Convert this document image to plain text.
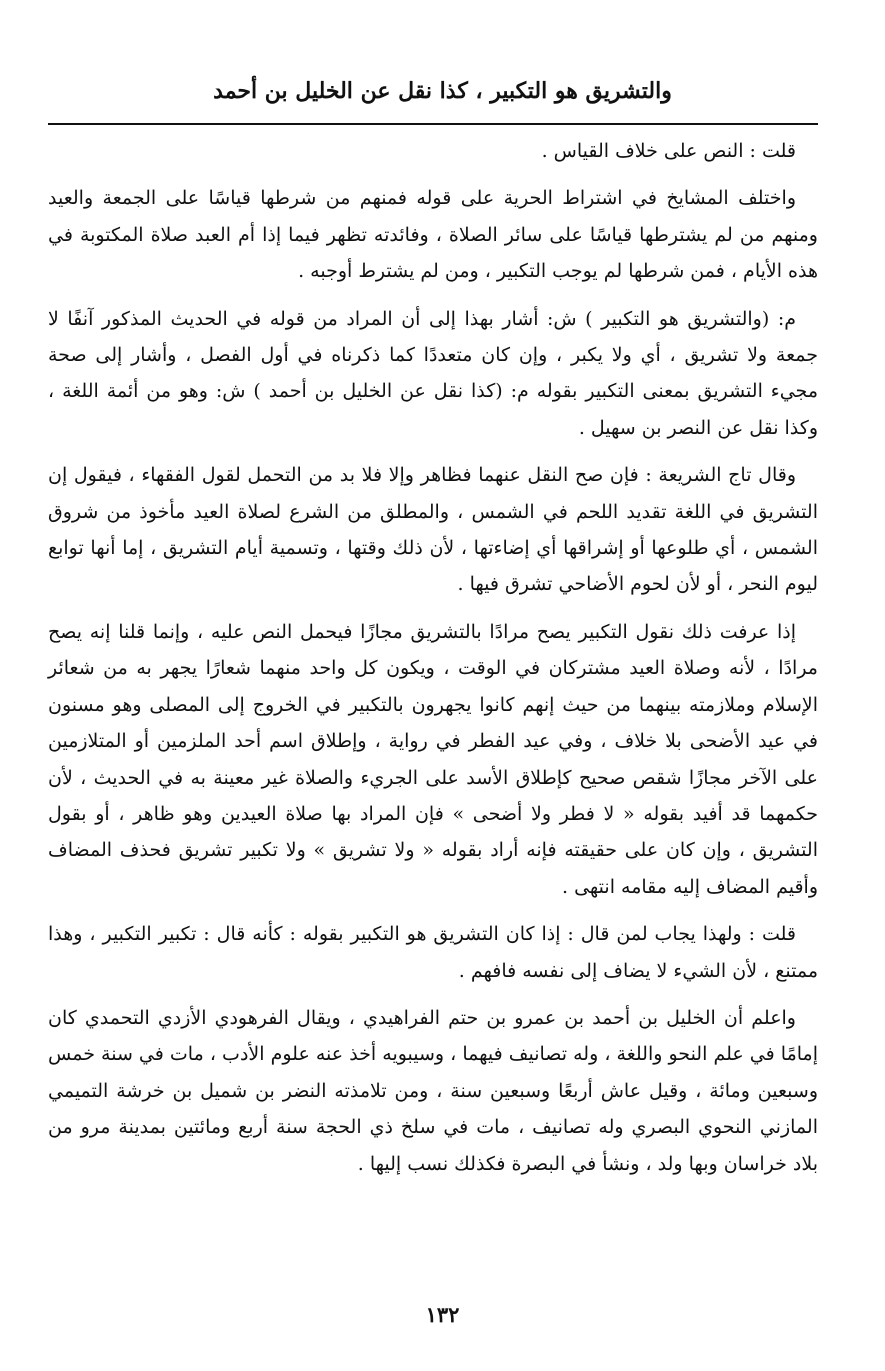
والتشريق هو التكبير ، كذا نقل عن الخليل بن أحمد

قلت : النص على خلاف القياس .

واختلف المشايخ في اشتراط الحرية على قوله فمنهم من شرطها قياسًا على الجمعة والعيد ومنهم من لم يشترطها قياسًا على سائر الصلاة ، وفائدته تظهر فيما إذا أم العبد صلاة المكتوبة في هذه الأيام ، فمن شرطها لم يوجب التكبير ، ومن لم يشترط أوجبه .

م: (والتشريق هو التكبير ) ش: أشار بهذا إلى أن المراد من قوله في الحديث المذكور آنفًا لا جمعة ولا تشريق ، أي ولا يكبر ، وإن كان متعددًا كما ذكرناه في أول الفصل ، وأشار إلى صحة مجيء التشريق بمعنى التكبير بقوله م: (كذا نقل عن الخليل بن أحمد ) ش: وهو من أئمة اللغة ، وكذا نقل عن النصر بن سهيل .

وقال تاج الشريعة : فإن صح النقل عنهما فظاهر وإلا فلا بد من التحمل لقول الفقهاء ، فيقول إن التشريق في اللغة تقديد اللحم في الشمس ، والمطلق من الشرع لصلاة العيد مأخوذ من شروق الشمس ، أي طلوعها أو إشراقها أي إضاءتها ، لأن ذلك وقتها ، وتسمية أيام التشريق ، إما أنها توابع ليوم النحر ، أو لأن لحوم الأضاحي تشرق فيها .

إذا عرفت ذلك نقول التكبير يصح مرادًا بالتشريق مجازًا فيحمل النص عليه ، وإنما قلنا إنه يصح مرادًا ، لأنه وصلاة العيد مشتركان في الوقت ، ويكون كل واحد منهما شعارًا يجهر به من شعائر الإسلام وملازمته بينهما من حيث إنهم كانوا يجهرون بالتكبير في الخروج إلى المصلى وهو مسنون في عيد الأضحى بلا خلاف ، وفي عيد الفطر في رواية ، وإطلاق اسم أحد الملزمين أو المتلازمين على الآخر مجازًا شقص صحيح كإطلاق الأسد على الجريء والصلاة غير معينة به في الحديث ، لأن حكمهما قد أفيد بقوله « لا فطر ولا أضحى » فإن المراد بها صلاة العيدين وهو ظاهر ، أو بقول التشريق ، وإن كان على حقيقته فإنه أراد بقوله « ولا تشريق » ولا تكبير تشريق فحذف المضاف وأقيم المضاف إليه مقامه انتهى .

قلت : ولهذا يجاب لمن قال : إذا كان التشريق هو التكبير بقوله : كأنه قال : تكبير التكبير ، وهذا ممتنع ، لأن الشيء لا يضاف إلى نفسه فافهم .

واعلم أن الخليل بن أحمد بن عمرو بن حتم الفراهيدي ، ويقال الفرهودي الأزدي التحمدي كان إمامًا في علم النحو واللغة ، وله تصانيف فيهما ، وسيبويه أخذ عنه علوم الأدب ، مات في سنة خمس وسبعين ومائة ، وقيل عاش أربعًا وسبعين سنة ، ومن تلامذته النضر بن شميل بن خرشة التميمي المازني النحوي البصري وله تصانيف ، مات في سلخ ذي الحجة سنة أربع ومائتين بمدينة مرو من بلاد خراسان وبها ولد ، ونشأ في البصرة فكذلك نسب إليها .

١٣٢
